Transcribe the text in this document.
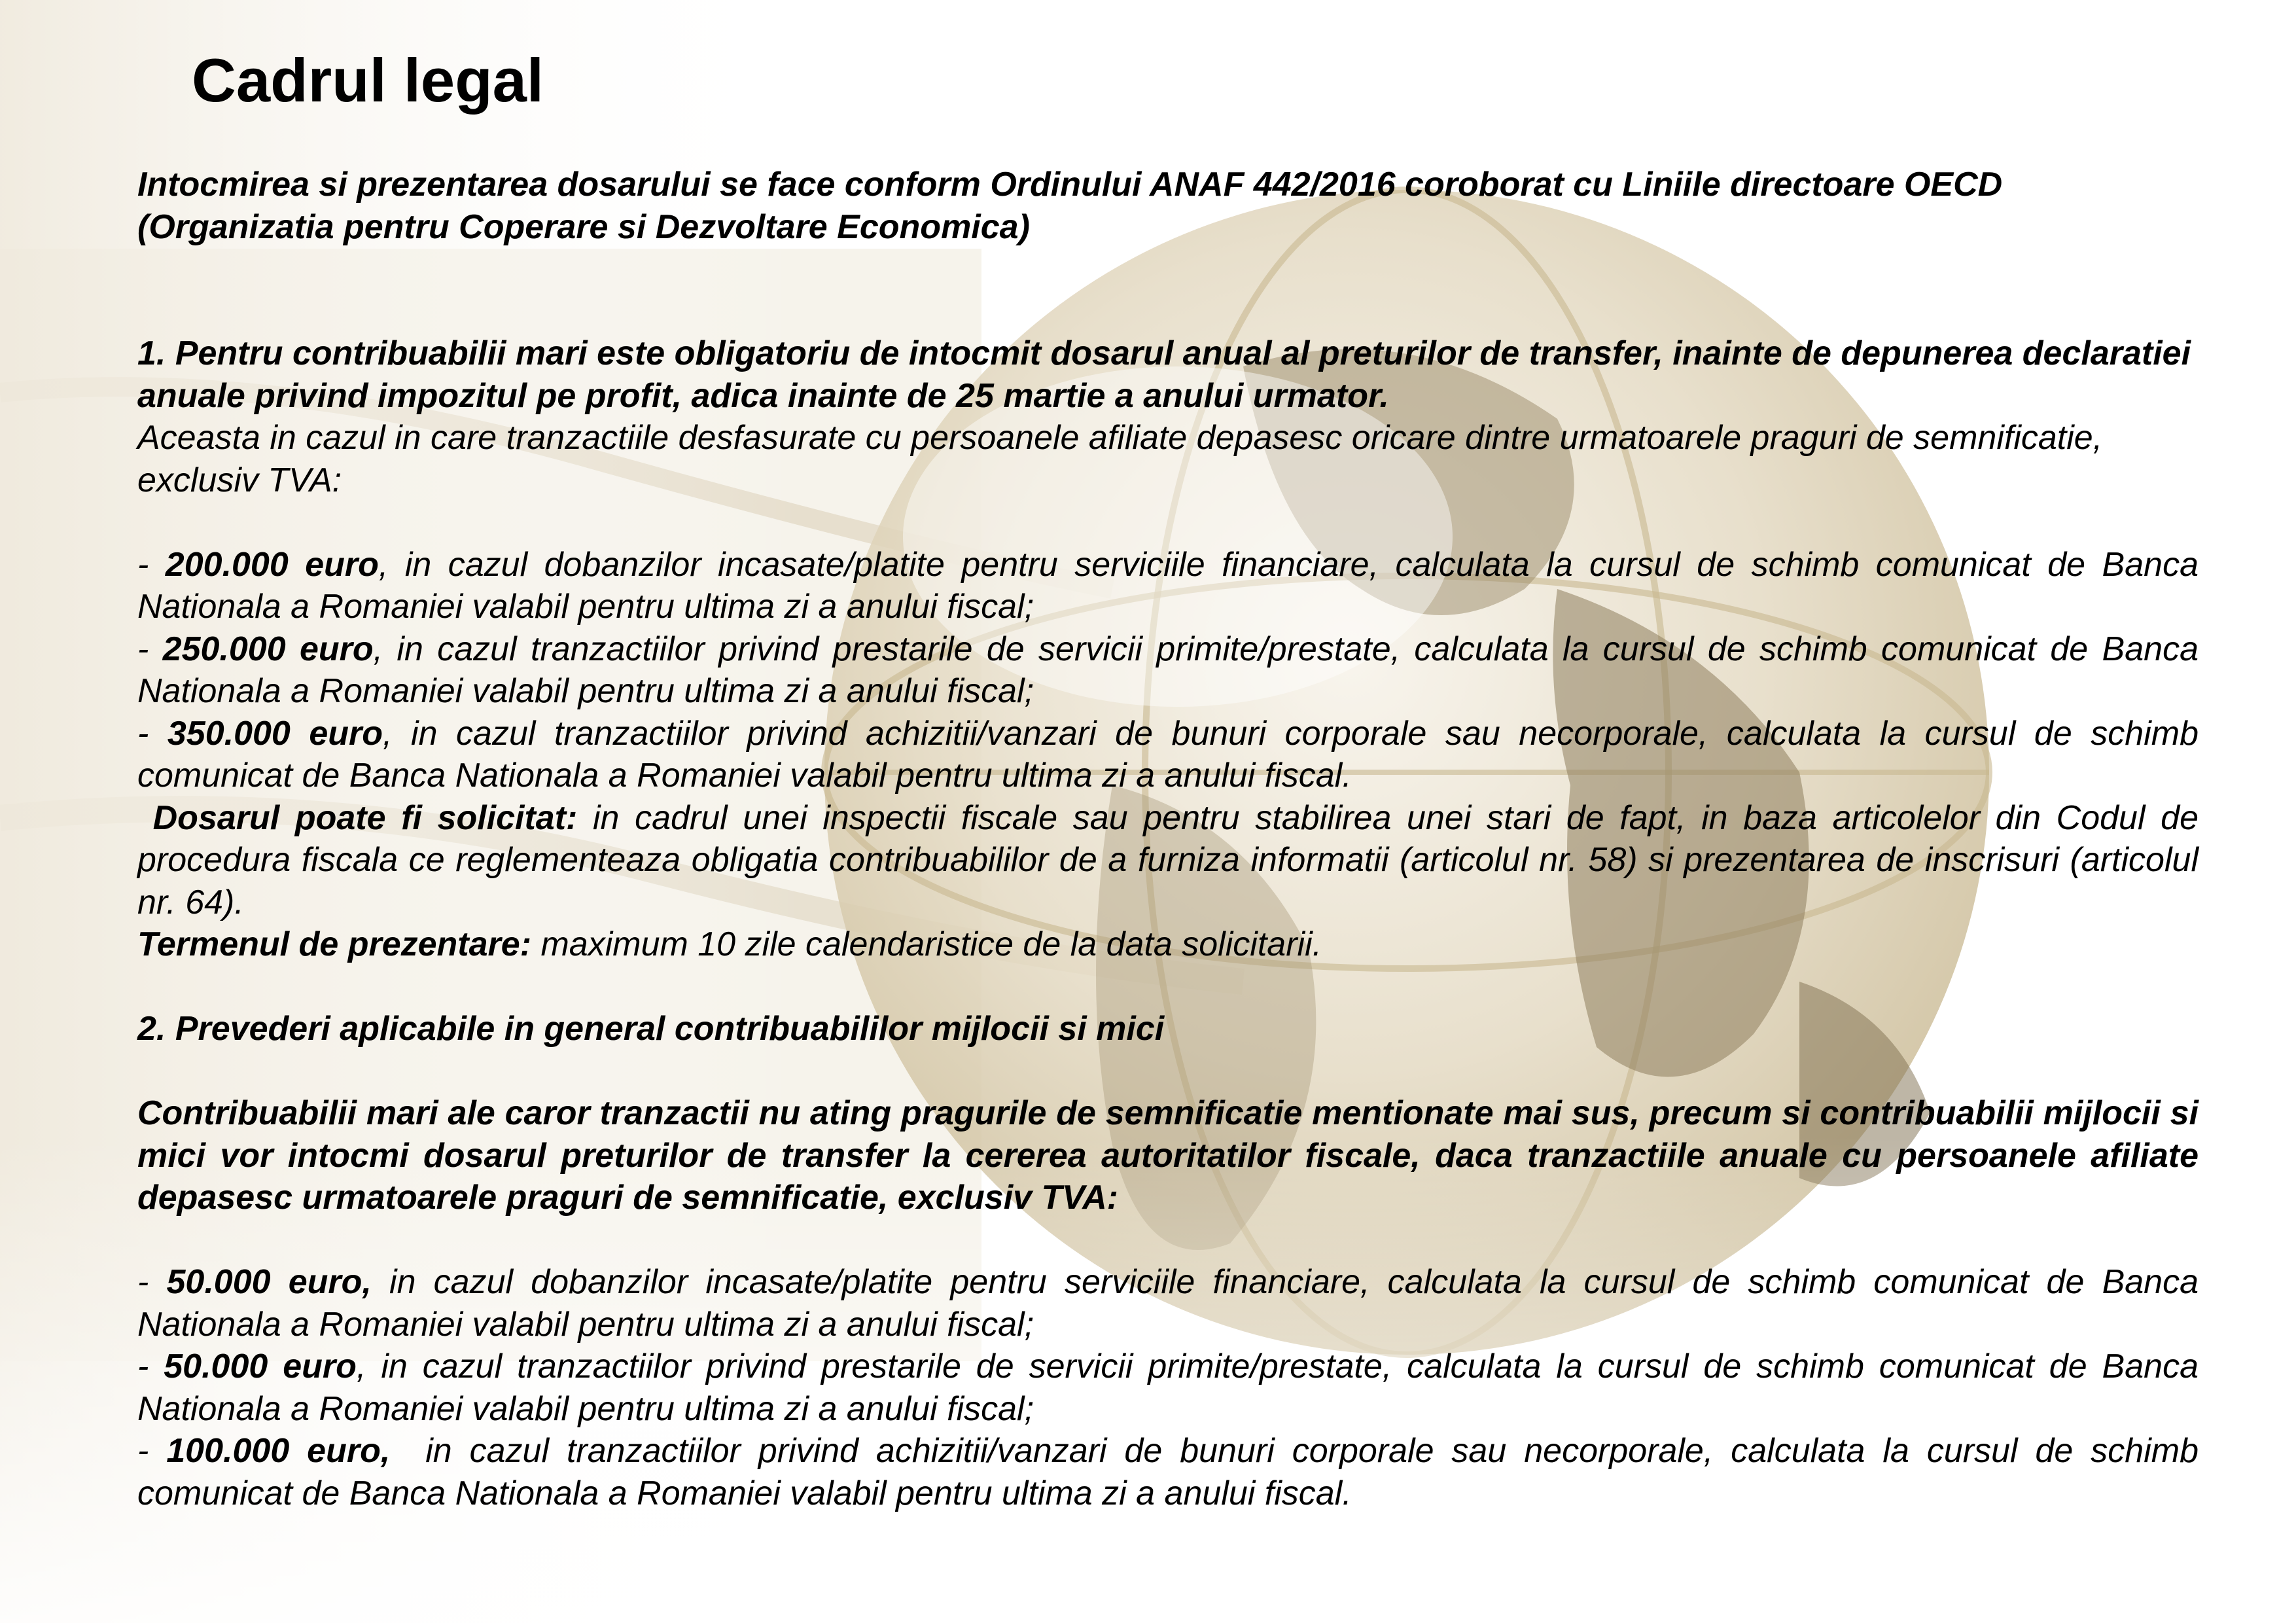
Cadrul legal

Intocmirea si prezentarea dosarului se face conform Ordinului ANAF 442/2016 coroborat cu Liniile directoare OECD (Organizatia pentru Coperare si Dezvoltare Economica)

1. Pentru contribuabilii mari este obligatoriu de intocmit dosarul anual al preturilor de transfer, inainte de depunerea declaratiei anuale privind impozitul pe profit, adica inainte de 25 martie a anului urmator.

Aceasta in cazul in care tranzactiile desfasurate cu persoanele afiliate depasesc oricare dintre urmatoarele praguri de semnificatie, exclusiv TVA:

- 200.000 euro, in cazul dobanzilor incasate/platite pentru serviciile financiare, calculata la cursul de schimb comunicat de Banca Nationala a Romaniei valabil pentru ultima zi a anului fiscal;

- 250.000 euro, in cazul tranzactiilor privind prestarile de servicii primite/prestate, calculata la cursul de schimb comunicat de Banca Nationala a Romaniei valabil pentru ultima zi a anului fiscal;

- 350.000 euro, in cazul tranzactiilor privind achizitii/vanzari de bunuri corporale sau necorporale, calculata la cursul de schimb comunicat de Banca Nationala a Romaniei valabil pentru ultima zi a anului fiscal.

Dosarul poate fi solicitat: in cadrul unei inspectii fiscale sau pentru stabilirea unei stari de fapt, in baza articolelor din Codul de procedura fiscala ce reglementeaza obligatia contribuabililor de a furniza informatii (articolul nr. 58) si prezentarea de inscrisuri (articolul nr. 64).

Termenul de prezentare: maximum 10 zile calendaristice de la data solicitarii.

2. Prevederi aplicabile in general contribuabililor mijlocii si mici

Contribuabilii mari ale caror tranzactii nu ating pragurile de semnificatie mentionate mai sus, precum si contribuabilii mijlocii si mici vor intocmi dosarul preturilor de transfer la cererea autoritatilor fiscale, daca tranzactiile anuale cu persoanele afiliate depasesc urmatoarele praguri de semnificatie, exclusiv TVA:

- 50.000 euro, in cazul dobanzilor incasate/platite pentru serviciile financiare, calculata la cursul de schimb comunicat de Banca Nationala a Romaniei valabil pentru ultima zi a anului fiscal;

- 50.000 euro, in cazul tranzactiilor privind prestarile de servicii primite/prestate, calculata la cursul de schimb comunicat de Banca Nationala a Romaniei valabil pentru ultima zi a anului fiscal;

- 100.000 euro,  in cazul tranzactiilor privind achizitii/vanzari de bunuri corporale sau necorporale, calculata la cursul de schimb comunicat de Banca Nationala a Romaniei valabil pentru ultima zi a anului fiscal.
